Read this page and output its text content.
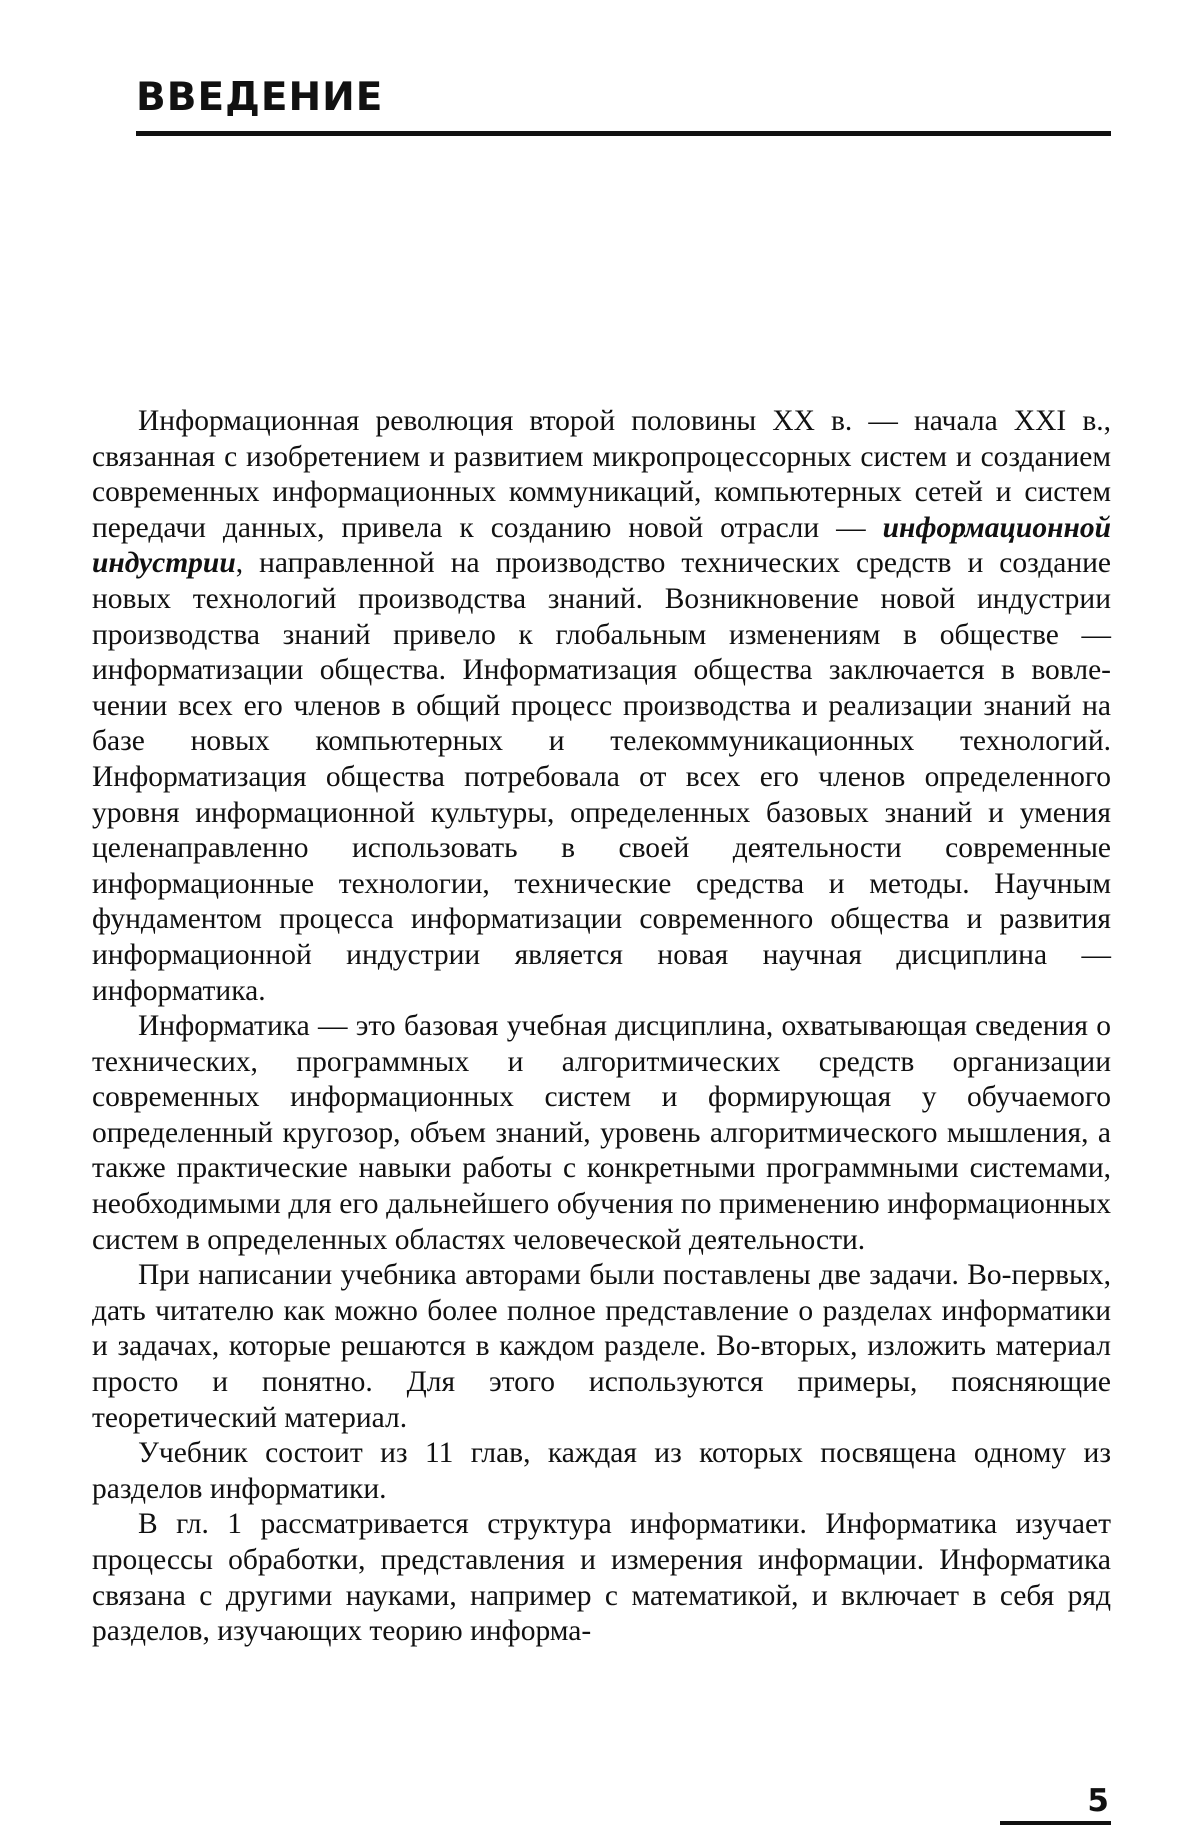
ВВЕДЕНИЕ

Информационная революция второй половины XX в. — начала XXI в., связанная с изобретением и развитием микропроцессорных систем и созданием современных информационных коммуникаций, компьютерных сетей и систем передачи данных, привела к созданию новой отрасли — информационной индустрии, направленной на производство технических средств и создание новых технологий производства знаний. Возникновение новой индустрии производства знаний привело к глобальным изменениям в обществе — информатизации общества. Информатизация общества заключается в вовлечении всех его членов в общий процесс производства и реализации знаний на базе новых компьютерных и телекоммуникационных технологий. Информатизация общества потребовала от всех его членов определенного уровня информационной культуры, определенных базовых знаний и умения целенаправленно использовать в своей деятельности современные информационные технологии, технические средства и методы. Научным фундаментом процесса информатизации современного общества и развития информационной индустрии является новая научная дисциплина — информатика.

Информатика — это базовая учебная дисциплина, охватывающая сведения о технических, программных и алгоритмических средств организации современных информационных систем и формирующая у обучаемого определенный кругозор, объем знаний, уровень алгоритмического мышления, а также практические навыки работы с конкретными программными системами, необходимыми для его дальнейшего обучения по применению информационных систем в определенных областях человеческой деятельности.

При написании учебника авторами были поставлены две задачи. Во-первых, дать читателю как можно более полное представление о разделах информатики и задачах, которые решаются в каждом разделе. Во-вторых, изложить материал просто и понятно. Для этого используются примеры, поясняющие теоретический материал.

Учебник состоит из 11 глав, каждая из которых посвящена одному из разделов информатики.

В гл. 1 рассматривается структура информатики. Информатика изучает процессы обработки, представления и измерения информации. Информатика связана с другими науками, например с математикой, и включает в себя ряд разделов, изучающих теорию информа-

5
